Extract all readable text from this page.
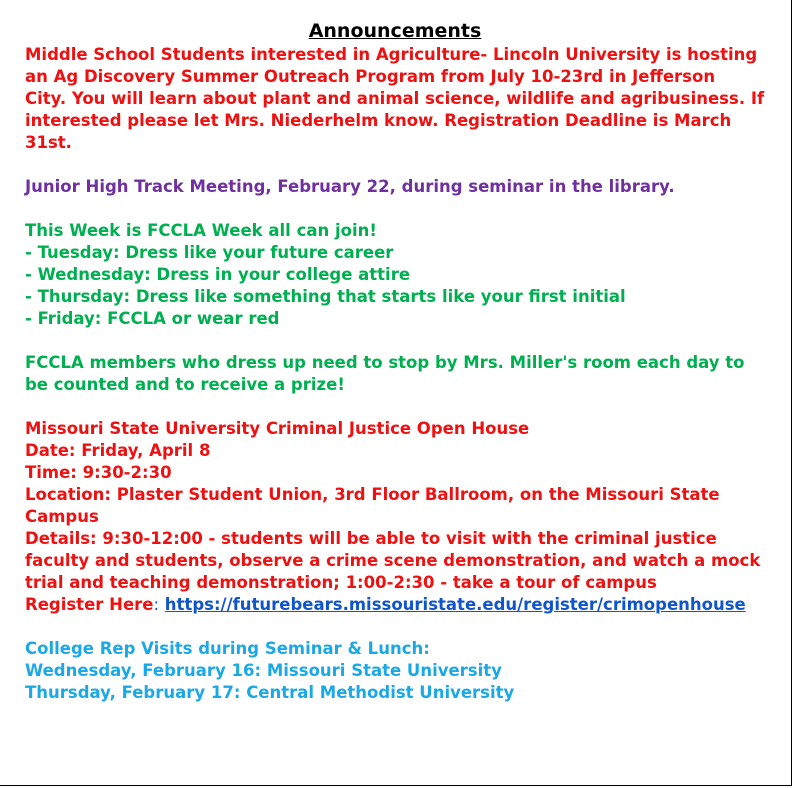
Announcements
Middle School Students interested in Agriculture- Lincoln University is hosting
an Ag Discovery Summer Outreach Program from July 10-23rd in Jefferson
City. You will learn about plant and animal science, wildlife and agribusiness. If
interested please let Mrs. Niederhelm know. Registration Deadline is March
31st.
Junior High Track Meeting, February 22, during seminar in the library.
This Week is FCCLA Week all can join!
- Tuesday: Dress like your future career
- Wednesday: Dress in your college attire
- Thursday: Dress like something that starts like your first initial
- Friday: FCCLA or wear red
FCCLA members who dress up need to stop by Mrs. Miller's room each day to
be counted and to receive a prize!
Missouri State University Criminal Justice Open House
Date: Friday, April 8
Time: 9:30-2:30
Location: Plaster Student Union, 3rd Floor Ballroom, on the Missouri State
Campus
Details: 9:30-12:00 - students will be able to visit with the criminal justice
faculty and students, observe a crime scene demonstration, and watch a mock
trial and teaching demonstration; 1:00-2:30 - take a tour of campus
Register Here: https://futurebears.missouristate.edu/register/crimopenhouse
College Rep Visits during Seminar & Lunch:
Wednesday, February 16: Missouri State University
Thursday, February 17: Central Methodist University
